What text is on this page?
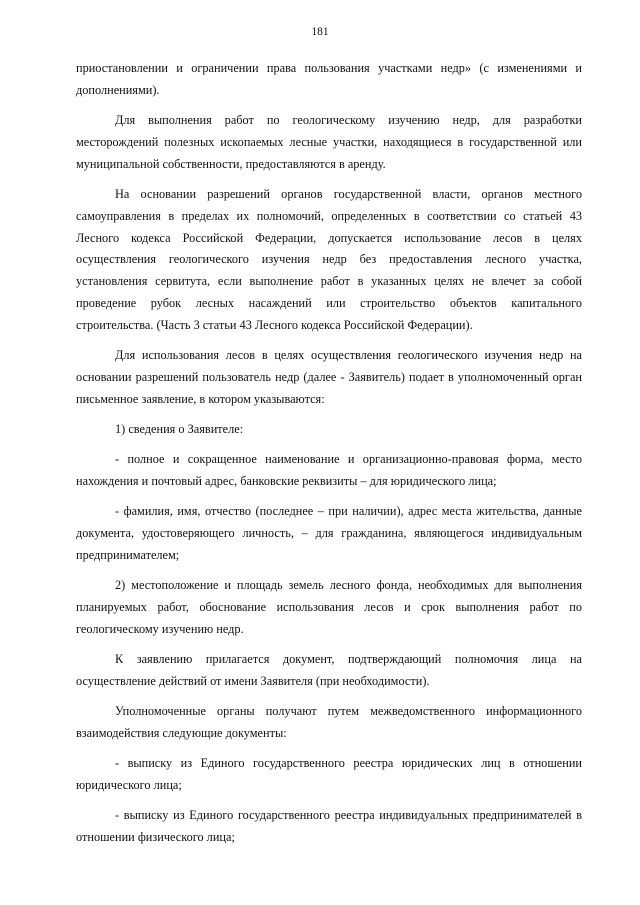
181

приостановлении и ограничении права пользования участками недр» (с изменениями и дополнениями).

Для выполнения работ по геологическому изучению недр, для разработки месторождений полезных ископаемых лесные участки, находящиеся в государственной или муниципальной собственности, предоставляются в аренду.

На основании разрешений органов государственной власти, органов местного самоуправления в пределах их полномочий, определенных в соответствии со статьей 43 Лесного кодекса Российской Федерации, допускается использование лесов в целях осуществления геологического изучения недр без предоставления лесного участка, установления сервитута, если выполнение работ в указанных целях не влечет за собой проведение рубок лесных насаждений или строительство объектов капитального строительства. (Часть 3 статьи 43 Лесного кодекса Российской Федерации).

Для использования лесов в целях осуществления геологического изучения недр на основании разрешений пользователь недр (далее - Заявитель) подает в уполномоченный орган письменное заявление, в котором указываются:

1) сведения о Заявителе:

- полное и сокращенное наименование и организационно-правовая форма, место нахождения и почтовый адрес, банковские реквизиты – для юридического лица;

- фамилия, имя, отчество (последнее – при наличии), адрес места жительства, данные документа, удостоверяющего личность, – для гражданина, являющегося индивидуальным предпринимателем;

2) местоположение и площадь земель лесного фонда, необходимых для выполнения планируемых работ, обоснование использования лесов и срок выполнения работ по геологическому изучению недр.

К заявлению прилагается документ, подтверждающий полномочия лица на осуществление действий от имени Заявителя (при необходимости).

Уполномоченные органы получают путем межведомственного информационного взаимодействия следующие документы:

- выписку из Единого государственного реестра юридических лиц в отношении юридического лица;

- выписку из Единого государственного реестра индивидуальных предпринимателей в отношении физического лица;
